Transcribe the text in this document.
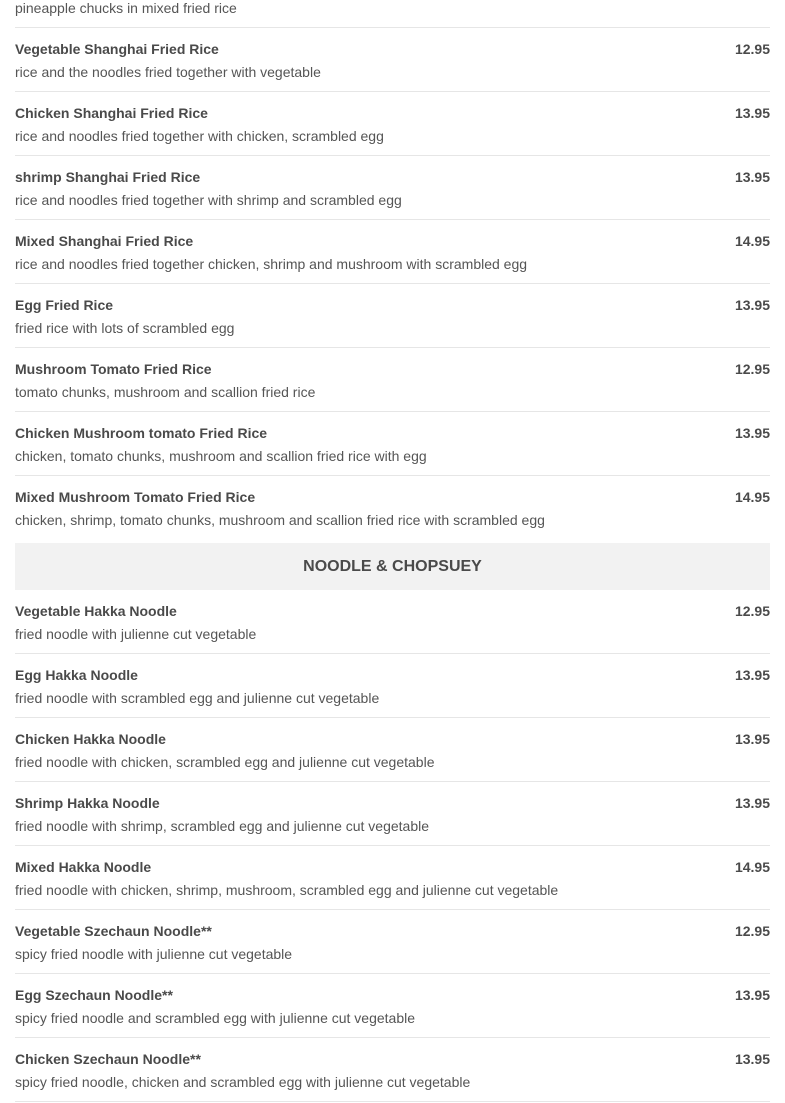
pineapple chucks in mixed fried rice
Vegetable Shanghai Fried Rice	12.95
rice and the noodles fried together with vegetable
Chicken Shanghai Fried Rice	13.95
rice and noodles fried together with chicken, scrambled egg
shrimp Shanghai Fried Rice	13.95
rice and noodles fried together with shrimp and scrambled egg
Mixed Shanghai Fried Rice	14.95
rice and noodles fried together chicken, shrimp and mushroom with scrambled egg
Egg Fried Rice	13.95
fried rice with lots of scrambled egg
Mushroom Tomato Fried Rice	12.95
tomato chunks, mushroom and scallion fried rice
Chicken Mushroom tomato Fried Rice	13.95
chicken, tomato chunks, mushroom and scallion fried rice with egg
Mixed Mushroom Tomato Fried Rice	14.95
chicken, shrimp, tomato chunks, mushroom and scallion fried rice with scrambled egg
NOODLE & CHOPSUEY
Vegetable Hakka Noodle	12.95
fried noodle with julienne cut vegetable
Egg Hakka Noodle	13.95
fried noodle with scrambled egg and julienne cut vegetable
Chicken Hakka Noodle	13.95
fried noodle with chicken, scrambled egg and julienne cut vegetable
Shrimp Hakka Noodle	13.95
fried noodle with shrimp, scrambled egg and julienne cut vegetable
Mixed Hakka Noodle	14.95
fried noodle with chicken, shrimp, mushroom, scrambled egg and julienne cut vegetable
Vegetable Szechaun Noodle**	12.95
spicy fried noodle with julienne cut vegetable
Egg Szechaun Noodle**	13.95
spicy fried noodle and scrambled egg with julienne cut vegetable
Chicken Szechaun Noodle**	13.95
spicy fried noodle, chicken and scrambled egg with julienne cut vegetable
